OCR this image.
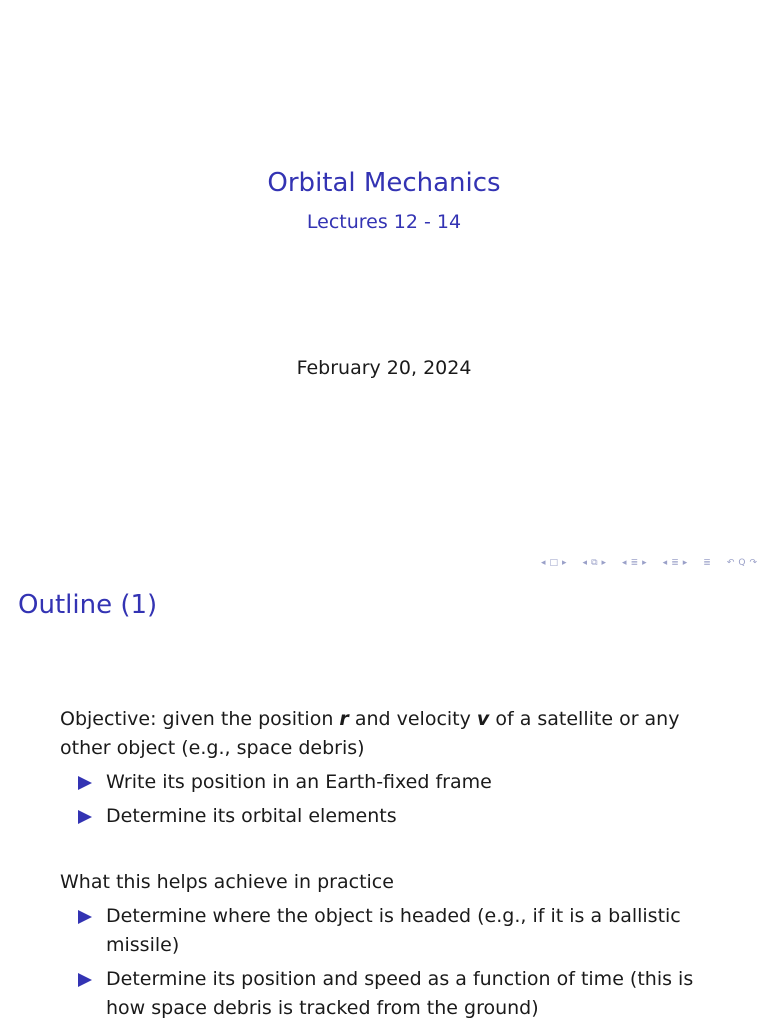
Orbital Mechanics
Lectures 12 - 14
February 20, 2024
◂ □ ▸ ◂ ⧉ ▸ ◂ ≣ ▸ ◂ ≣ ▸ ≣ ↶ Q ↷
Outline (1)
Objective: given the position r and velocity v of a satellite or any other object (e.g., space debris)
Write its position in an Earth-fixed frame
Determine its orbital elements
What this helps achieve in practice
Determine where the object is headed (e.g., if it is a ballistic missile)
Determine its position and speed as a function of time (this is how space debris is tracked from the ground)
